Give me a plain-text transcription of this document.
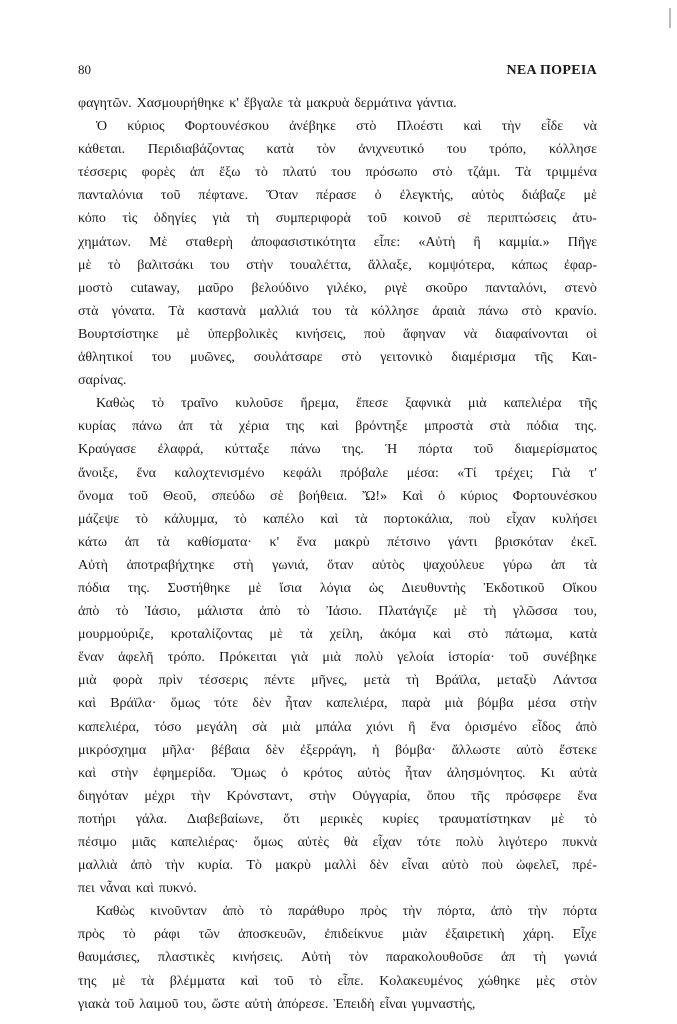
80	ΝΕΑ ΠΟΡΕΙΑ
φαγητῶν. Χασμουρήθηκε κ' ἔβγαλε τὰ μακρυὰ δερμάτινα γάντια.
Ὁ κύριος Φορτουνέσκου ἀνέβηκε στὸ Πλοέστι καὶ τὴν εἶδε νὰ
κάθεται. Περιδιαβάζοντας κατὰ τὸν ἀνιχνευτικό του τρόπο, κόλλησε
τέσσερις φορὲς ἀπ ἔξω τὸ πλατύ του πρόσωπο στὸ τζάμι. Τὰ τριμμένα
πανταλόνια τοῦ πέφτανε. Ὅταν πέρασε ὁ ἐλεγκτής, αὐτὸς διάβαζε μὲ
κόπο τὶς ὁδηγίες γιὰ τὴ συμπεριφορὰ τοῦ κοινοῦ σὲ περιπτώσεις ἀτυ-
χημάτων. Μὲ σταθερὴ ἀποφασιστικότητα εἶπε: «Αὐτὴ ἢ καμμία.» Πῆγε
μὲ τὸ βαλιτσάκι του στὴν τουαλέττα, ἄλλαξε, κομψότερα, κάπως ἐφαρ-
μοστὸ cutaway, μαῦρο βελούδινο γιλέκο, ριγὲ σκοῦρο πανταλόνι, στενὸ
στὰ γόνατα. Τὰ καστανὰ μαλλιά του τὰ κόλλησε ἀραιὰ πάνω στὸ κρανίο.
Βουρτσίστηκε μὲ ὑπερβολικὲς κινήσεις, ποὺ ἄφηναν νὰ διαφαίνονται οἱ
ἀθλητικοί του μυῶνες, σουλάτσαρε στὸ γειτονικὸ διαμέρισμα τῆς Και-
σαρίνας.
Καθὼς τὸ τραῖνο κυλοῦσε ἤρεμα, ἔπεσε ξαφνικὰ μιὰ καπελιέρα τῆς
κυρίας πάνω ἀπ τὰ χέρια της καὶ βρόντηξε μπροστὰ στὰ πόδια της.
Κραύγασε ἐλαφρά, κύτταξε πάνω της. Ἡ πόρτα τοῦ διαμερίσματος
ἄνοιξε, ἕνα καλοχτενισμένο κεφάλι πρόβαλε μέσα: «Τί τρέχει; Γιὰ τ'
ὄνομα τοῦ Θεοῦ, σπεύδω σὲ βοήθεια. Ὤ!» Καὶ ὁ κύριος Φορτουνέσκου
μάζεψε τὸ κάλυμμα, τὸ καπέλο καὶ τὰ πορτοκάλια, ποὺ εἶχαν κυλήσει
κάτω ἀπ τὰ καθίσματα· κ' ἕνα μακρὺ πέτσινο γάντι βρισκόταν ἐκεῖ.
Αὐτὴ ἀποτραβήχτηκε στὴ γωνιά, ὅταν αὐτὸς ψαχούλευε γύρω ἀπ τὰ
πόδια της. Συστήθηκε μὲ ἴσια λόγια ὡς Διευθυντὴς Ἐκδοτικοῦ Οἴκου
ἀπὸ τὸ Ἰάσιο, μάλιστα ἀπὸ τὸ Ἰάσιο. Πλατάγιζε μὲ τὴ γλῶσσα του,
μουρμούριζε, κροταλίζοντας μὲ τὰ χείλη, ἀκόμα καὶ στὸ πάτωμα, κατὰ
ἕναν ἀφελῆ τρόπο. Πρόκειται γιὰ μιὰ πολὺ γελοία ἱστορία· τοῦ συνέβηκε
μιὰ φορὰ πρὶν τέσσερις πέντε μῆνες, μετὰ τὴ Βράϊλα, μεταξὺ Λάντσα
καὶ Βράϊλα· ὅμως τότε δὲν ἦταν καπελιέρα, παρὰ μιὰ βόμβα μέσα στὴν
καπελιέρα, τόσο μεγάλη σὰ μιὰ μπάλα χιόνι ἢ ἕνα ὁρισμένο εἶδος ἀπὸ
μικρόσχημα μῆλα· βέβαια δὲν ἐξερράγη, ἡ βόμβα· ἄλλωστε αὐτὸ ἔστεκε
καὶ στὴν ἐφημερίδα. Ὅμως ὁ κρότος αὐτὸς ἦταν ἀλησμόνητος. Κι αὐτὰ
διηγόταν μέχρι τὴν Κρόνσταντ, στὴν Οὐγγαρία, ὅπου τῆς πρόσφερε ἕνα
ποτήρι γάλα. Διαβεβαίωνε, ὅτι μερικὲς κυρίες τραυματίστηκαν μὲ τὸ
πέσιμο μιᾶς καπελιέρας· ὅμως αὐτὲς θὰ εἶχαν τότε πολὺ λιγότερο πυκνὰ
μαλλιὰ ἀπὸ τὴν κυρία. Τὸ μακρὺ μαλλὶ δὲν εἶναι αὐτὸ ποὺ ὠφελεῖ, πρέ-
πει νἆναι καὶ πυκνό.
Καθὼς κινοῦνταν ἀπὸ τὸ παράθυρο πρὸς τὴν πόρτα, ἀπὸ τὴν πόρτα
πρὸς τὸ ράφι τῶν ἀποσκευῶν, ἐπιδείκνυε μιὰν ἐξαιρετικὴ χάρη. Εἶχε
θαυμάσιες, πλαστικὲς κινήσεις. Αὐτὴ τὸν παρακολουθοῦσε ἀπ τὴ γωνιά
της μὲ τὰ βλέμματα καὶ τοῦ τὸ εἶπε. Κολακευμένος χώθηκε μὲς στὸν
γιακὰ τοῦ λαιμοῦ του, ὥστε αὐτὴ ἀπόρεσε. Ἐπειδὴ εἶναι γυμναστής,
